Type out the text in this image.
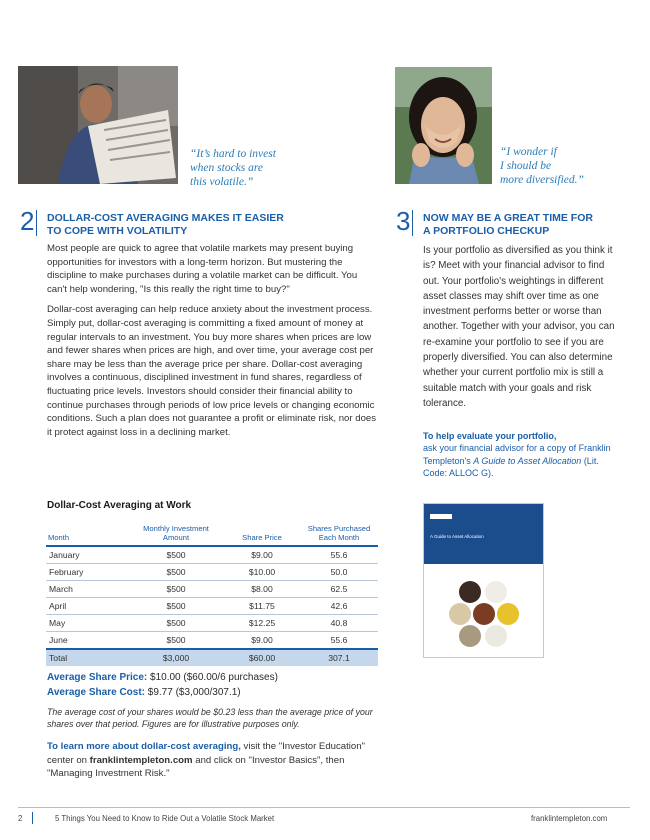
“It’s hard to invest
when stocks are
this volatile.”
“I wonder if
I should be
more diversified.”
2 DOLLAR-COST AVERAGING MAKES IT EASIER
TO COPE WITH VOLATILITY

Most people are quick to agree that volatile markets may present buying opportunities for investors with a long-term horizon. But mustering the discipline to make purchases during a volatile market can be difficult. You can't help wondering, "Is this really the right time to buy?"

Dollar-cost averaging can help reduce anxiety about the investment process. Simply put, dollar-cost averaging is committing a fixed amount of money at regular intervals to an investment. You buy more shares when prices are low and fewer shares when prices are high, and over time, your average cost per share may be less than the average price per share. Dollar-cost averaging involves a continuous, disciplined investment in fund shares, regardless of fluctuating price levels. Investors should consider their financial ability to continue purchases through periods of low price levels or changing economic conditions. Such a plan does not guarantee a profit or eliminate risk, nor does it protect against loss in a declining market.

Dollar-Cost Averaging at Work
Month	Monthly Investment Amount	Share Price	Shares Purchased Each Month
January	$500	$9.00	55.6
February	$500	$10.00	50.0
March	$500	$8.00	62.5
April	$500	$11.75	42.6
May	$500	$12.25	40.8
June	$500	$9.00	55.6
Total	$3,000	$60.00	307.1
Average Share Price: $10.00 ($60.00/6 purchases)
Average Share Cost: $9.77 ($3,000/307.1)
The average cost of your shares would be $0.23 less than the average price of your shares over that period. Figures are for illustrative purposes only.
To learn more about dollar-cost averaging, visit the "Investor Education" center on franklintempleton.com and click on "Investor Basics", then "Managing Investment Risk."
3 NOW MAY BE A GREAT TIME FOR
A PORTFOLIO CHECKUP
Is your portfolio as diversified as you think it is? Meet with your financial advisor to find out. Your portfolio's weightings in different asset classes may shift over time as one investment performs better or worse than another. Together with your advisor, you can re-examine your portfolio to see if you are properly diversified. You can also determine whether your current portfolio mix is still a suitable match with your goals and risk tolerance.
To help evaluate your portfolio,
ask your financial advisor for a copy of Franklin Templeton's A Guide to Asset Allocation (Lit. Code: ALLOC G).
A Guide to Asset Allocation
2	5 Things You Need to Know to Ride Out a Volatile Stock Market	franklintempleton.com
